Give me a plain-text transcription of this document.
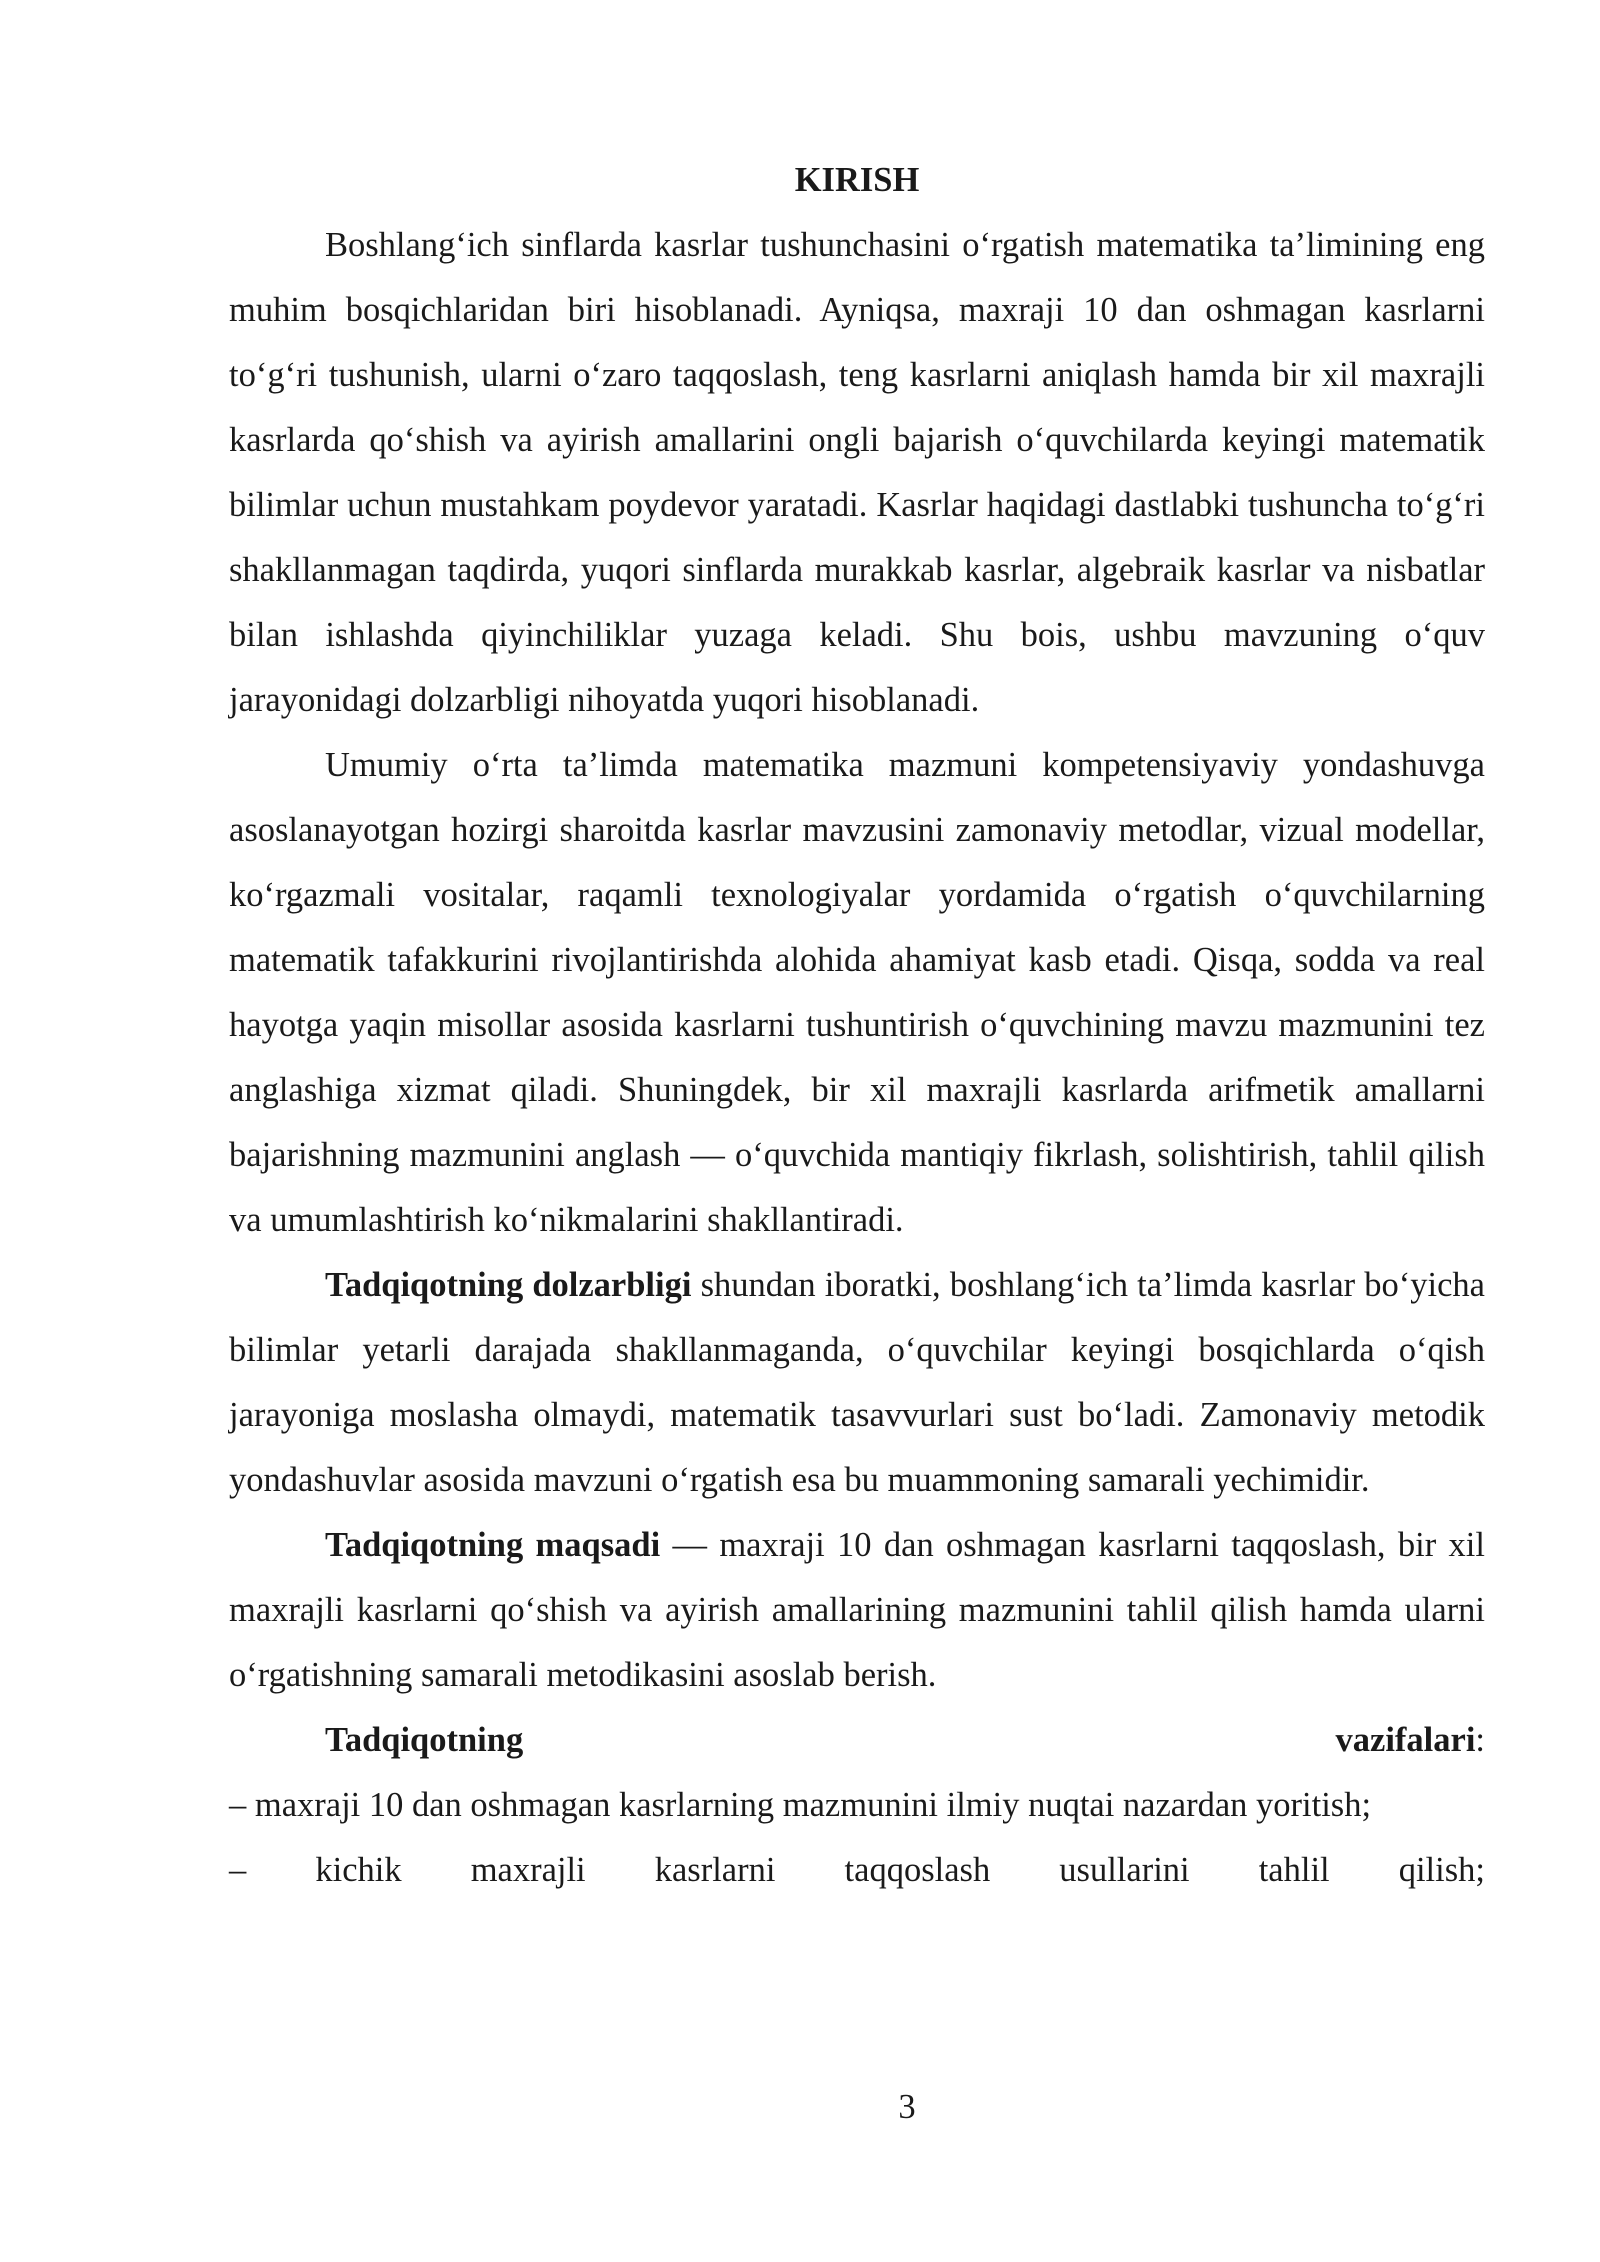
KIRISH

Boshlang‘ich sinflarda kasrlar tushunchasini o‘rgatish matematika ta’limining eng muhim bosqichlaridan biri hisoblanadi. Ayniqsa, maxraji 10 dan oshmagan kasrlarni to‘g‘ri tushunish, ularni o‘zaro taqqoslash, teng kasrlarni aniqlash hamda bir xil maxrajli kasrlarda qo‘shish va ayirish amallarini ongli bajarish o‘quvchilarda keyingi matematik bilimlar uchun mustahkam poydevor yaratadi. Kasrlar haqidagi dastlabki tushuncha to‘g‘ri shakllanmagan taqdirda, yuqori sinflarda murakkab kasrlar, algebraik kasrlar va nisbatlar bilan ishlashda qiyinchiliklar yuzaga keladi. Shu bois, ushbu mavzuning o‘quv jarayonidagi dolzarbligi nihoyatda yuqori hisoblanadi.

Umumiy o‘rta ta’limda matematika mazmuni kompetensiyaviy yondashuvga asoslanayotgan hozirgi sharoitda kasrlar mavzusini zamonaviy metodlar, vizual modellar, ko‘rgazmali vositalar, raqamli texnologiyalar yordamida o‘rgatish o‘quvchilarning matematik tafakkurini rivojlantirishda alohida ahamiyat kasb etadi. Qisqa, sodda va real hayotga yaqin misollar asosida kasrlarni tushuntirish o‘quvchining mavzu mazmunini tez anglashiga xizmat qiladi. Shuningdek, bir xil maxrajli kasrlarda arifmetik amallarni bajarishning mazmunini anglash — o‘quvchida mantiqiy fikrlash, solishtirish, tahlil qilish va umumlashtirish ko‘nikmalarini shakllantiradi.

Tadqiqotning dolzarbligi shundan iboratki, boshlang‘ich ta’limda kasrlar bo‘yicha bilimlar yetarli darajada shakllanmaganda, o‘quvchilar keyingi bosqichlarda o‘qish jarayoniga moslasha olmaydi, matematik tasavvurlari sust bo‘ladi. Zamonaviy metodik yondashuvlar asosida mavzuni o‘rgatish esa bu muammoning samarali yechimidir.

Tadqiqotning maqsadi — maxraji 10 dan oshmagan kasrlarni taqqoslash, bir xil maxrajli kasrlarni qo‘shish va ayirish amallarining mazmunini tahlil qilish hamda ularni o‘rgatishning samarali metodikasini asoslab berish.

Tadqiqotning	vazifalari:

– maxraji 10 dan oshmagan kasrlarning mazmunini ilmiy nuqtai nazardan yoritish;

– kichik maxrajli kasrlarni taqqoslash usullarini tahlil qilish;

3
